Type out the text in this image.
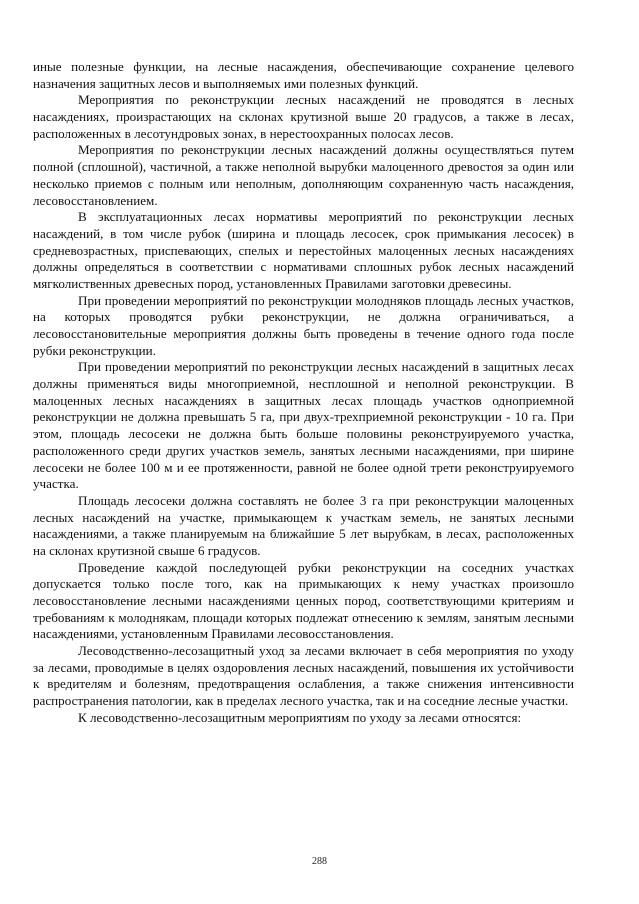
иные полезные функции, на лесные насаждения, обеспечивающие сохранение целевого назначения защитных лесов и выполняемых ими полезных функций.

Мероприятия по реконструкции лесных насаждений не проводятся в лесных насаждениях, произрастающих на склонах крутизной выше 20 градусов, а также в лесах, расположенных в лесотундровых зонах, в нерестоохранных полосах лесов.

Мероприятия по реконструкции лесных насаждений должны осуществляться путем полной (сплошной), частичной, а также неполной вырубки малоценного древостоя за один или несколько приемов с полным или неполным, дополняющим сохраненную часть насаждения, лесовосстановлением.

В эксплуатационных лесах нормативы мероприятий по реконструкции лесных насаждений, в том числе рубок (ширина и площадь лесосек, срок примыкания лесосек) в средневозрастных, приспевающих, спелых и перестойных малоценных лесных насаждениях должны определяться в соответствии с нормативами сплошных рубок лесных насаждений мягколиственных древесных пород, установленных Правилами заготовки древесины.

При проведении мероприятий по реконструкции молодняков площадь лесных участков, на которых проводятся рубки реконструкции, не должна ограничиваться, а лесовосстановительные мероприятия должны быть проведены в течение одного года после рубки реконструкции.

При проведении мероприятий по реконструкции лесных насаждений в защитных лесах должны применяться виды многоприемной, несплошной и неполной реконструкции. В малоценных лесных насаждениях в защитных лесах площадь участков одноприемной реконструкции не должна превышать 5 га, при двух-трехприемной реконструкции - 10 га. При этом, площадь лесосеки не должна быть больше половины реконструируемого участка, расположенного среди других участков земель, занятых лесными насаждениями, при ширине лесосеки не более 100 м и ее протяженности, равной не более одной трети реконструируемого участка.

Площадь лесосеки должна составлять не более 3 га при реконструкции малоценных лесных насаждений на участке, примыкающем к участкам земель, не занятых лесными насаждениями, а также планируемым на ближайшие 5 лет вырубкам, в лесах, расположенных на склонах крутизной свыше 6 градусов.

Проведение каждой последующей рубки реконструкции на соседних участках допускается только после того, как на примыкающих к нему участках произошло лесовосстановление лесными насаждениями ценных пород, соответствующими критериям и требованиям к молоднякам, площади которых подлежат отнесению к землям, занятым лесными насаждениями, установленным Правилами лесовосстановления.

Лесоводственно-лесозащитный уход за лесами включает в себя мероприятия по уходу за лесами, проводимые в целях оздоровления лесных насаждений, повышения их устойчивости к вредителям и болезням, предотвращения ослабления, а также снижения интенсивности распространения патологии, как в пределах лесного участка, так и на соседние лесные участки.

К лесоводственно-лесозащитным мероприятиям по уходу за лесами относятся:

288
